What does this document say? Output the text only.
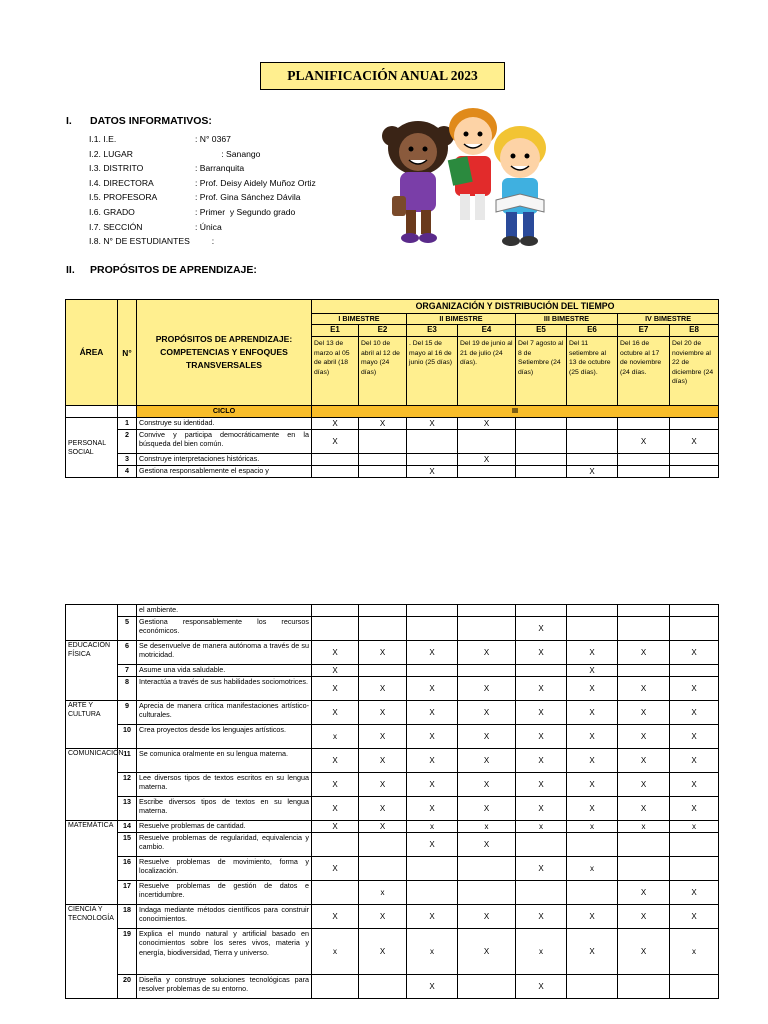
PLANIFICACIÓN ANUAL 2023
I. DATOS INFORMATIVOS:
I.1. I.E.	: N° 0367
I.2. LUGAR	: Sanango
I.3. DISTRITO	: Barranquita
I.4. DIRECTORA	: Prof. Deisy Aidely Muñoz Ortiz
I.5. PROFESORA	: Prof. Gina Sánchez Dávila
I.6. GRADO	: Primer  y Segundo grado
I.7. SECCIÓN	: Única
I.8. N° DE ESTUDIANTES :
II. PROPÓSITOS DE APRENDIZAJE:
ÁREA	N°	PROPÓSITOS DE APRENDIZAJE: COMPETENCIAS Y ENFOQUES TRANSVERSALES	ORGANIZACIÓN Y DISTRIBUCIÓN DEL TIEMPO							
			I BIMESTRE		II BIMESTRE		III BIMESTRE		IV BIMESTRE	
			E1	E2	E3	E4	E5	E6	E7	E8
			Del 13 de marzo al 05 de abril (18 días)	Del 10 de abril al 12 de mayo (24 días)	. Del 15 de mayo al 16 de junio (25 días)	Del 19 de junio al 21 de julio (24 días).	Del 7 agosto al 8 de Setiembre (24 días)	Del 11 setiembre al 13 de octubre (25 días).	Del 16 de octubre al 17 de noviembre (24 días.	Del 20 de noviembre al 22 de diciembre (24 días)
		CICLO	III							
PERSONAL SOCIAL	1	Construye su identidad.	X	X	X	X				
	2	Convive y participa democráticamente en la búsqueda del bien común.	X						X	X
	3	Construye interpretaciones históricas.				X				
	4	Gestiona responsablemente el espacio y			X			X		
		el ambiente.								
	5	Gestiona responsablemente los recursos económicos.					X			
EDUCACIÓN FÍSICA	6	Se desenvuelve de manera autónoma a través de su motricidad.	X	X	X	X	X	X	X	X
	7	Asume una vida saludable.	X					X		
	8	Interactúa a través de sus habilidades sociomotrices.	X	X	X	X	X	X	X	X
ARTE Y CULTURA	9	Aprecia de manera crítica manifestaciones artístico-culturales.	X	X	X	X	X	X	X	X
	10	Crea proyectos desde los lenguajes artísticos.	x	X	X	X	X	X	X	X
COMUNICACIÓN	11	Se comunica oralmente en su lengua materna.	X	X	X	X	X	X	X	X
	12	Lee diversos tipos de textos escritos en su lengua materna.	X	X	X	X	X	X	X	X
	13	Escribe diversos tipos de textos en su lengua materna.	X	X	X	X	X	X	X	X
MATEMÁTICA	14	Resuelve problemas de cantidad.	X	X	x	x	x	x	x	x
	15	Resuelve problemas de regularidad, equivalencia y cambio.			X	X				
	16	Resuelve problemas de movimiento, forma y localización.	X				X	x		
	17	Resuelve problemas de gestión de datos e incertidumbre.		x					X	X
CIENCIA Y TECNOLOGÍA	18	Indaga mediante métodos científicos para construir conocimientos.	X	X	X	X	X	X	X	X
	19	Explica el mundo natural y artificial basado en conocimientos sobre los seres vivos, materia y energía, biodiversidad, Tierra y universo.	x	X	x	X	x	X	X	x
	20	Diseña y construye soluciones tecnológicas para resolver problemas de su entorno.			X		X			
